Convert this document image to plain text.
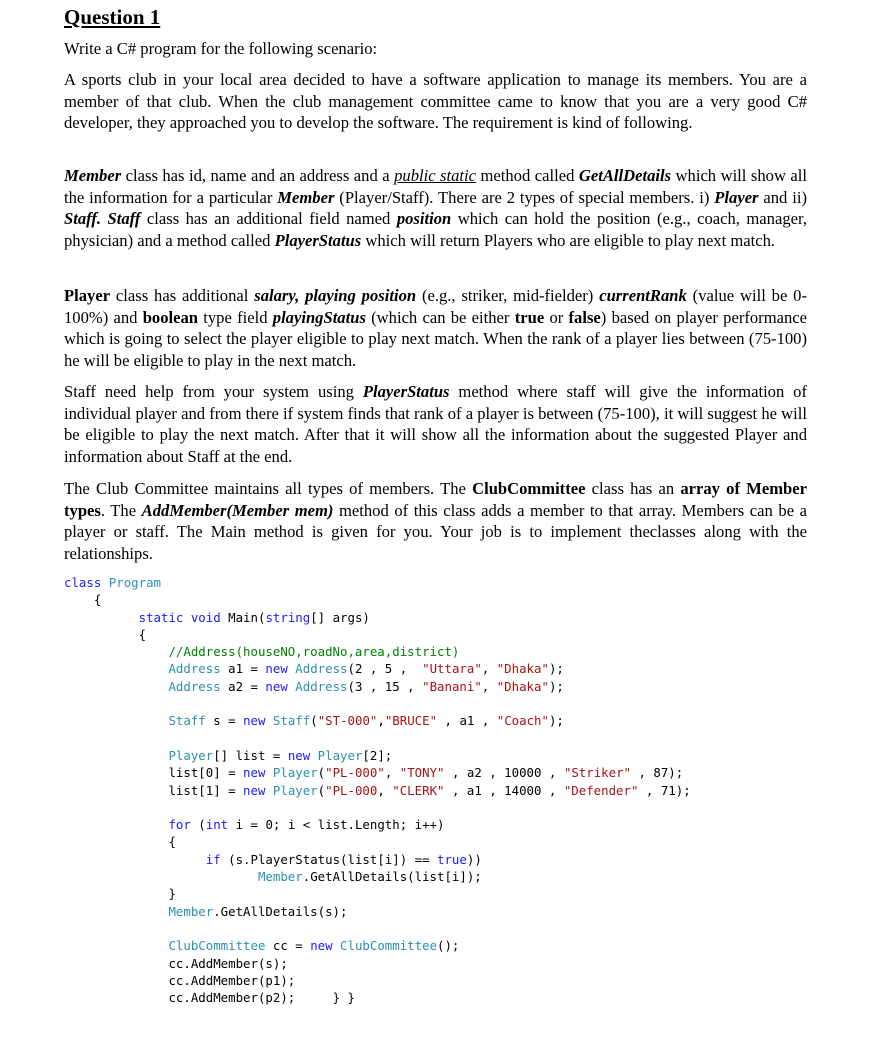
Question 1

Write a C# program for the following scenario:

A sports club in your local area decided to have a software application to manage its members. You are a member of that club. When the club management committee came to know that you are a very good C# developer, they approached you to develop the software. The requirement is kind of following.

Member class has id, name and an address and a public static method called GetAllDetails which will show all the information for a particular Member (Player/Staff). There are 2 types of special members. i) Player and ii) Staff. Staff class has an additional field named position which can hold the position (e.g., coach, manager, physician) and a method called PlayerStatus which will return Players who are eligible to play next match.

Player class has additional salary, playing position (e.g., striker, mid-fielder) currentRank (value will be 0-100%) and boolean type field playingStatus (which can be either true or false) based on player performance which is going to select the player eligible to play next match. When the rank of a player lies between (75-100) he will be eligible to play in the next match.

Staff need help from your system using PlayerStatus method where staff will give the information of individual player and from there if system finds that rank of a player is between (75-100), it will suggest he will be eligible to play the next match. After that it will show all the information about the suggested Player and information about Staff at the end.

The Club Committee maintains all types of members. The ClubCommittee class has an array of Member types. The AddMember(Member mem) method of this class adds a member to that array. Members can be a player or staff. The Main method is given for you. Your job is to implement theclasses along with the relationships.

class Program
{
static void Main(string[] args)
{
//Address(houseNO,roadNo,area,district)
Address a1 = new Address(2 , 5 ,  "Uttara", "Dhaka");
Address a2 = new Address(3 , 15 , "Banani", "Dhaka");

Staff s = new Staff("ST-000","BRUCE" , a1 , "Coach");

Player[] list = new Player[2];
list[0] = new Player("PL-000", "TONY" , a2 , 10000 , "Striker" , 87);
list[1] = new Player("PL-000, "CLERK" , a1 , 14000 , "Defender" , 71);

for (int i = 0; i < list.Length; i++)
{
if (s.PlayerStatus(list[i]) == true))
Member.GetAllDetails(list[i]);
}
Member.GetAllDetails(s);

ClubCommittee cc = new ClubCommittee();
cc.AddMember(s);
cc.AddMember(p1);
cc.AddMember(p2);	} }
